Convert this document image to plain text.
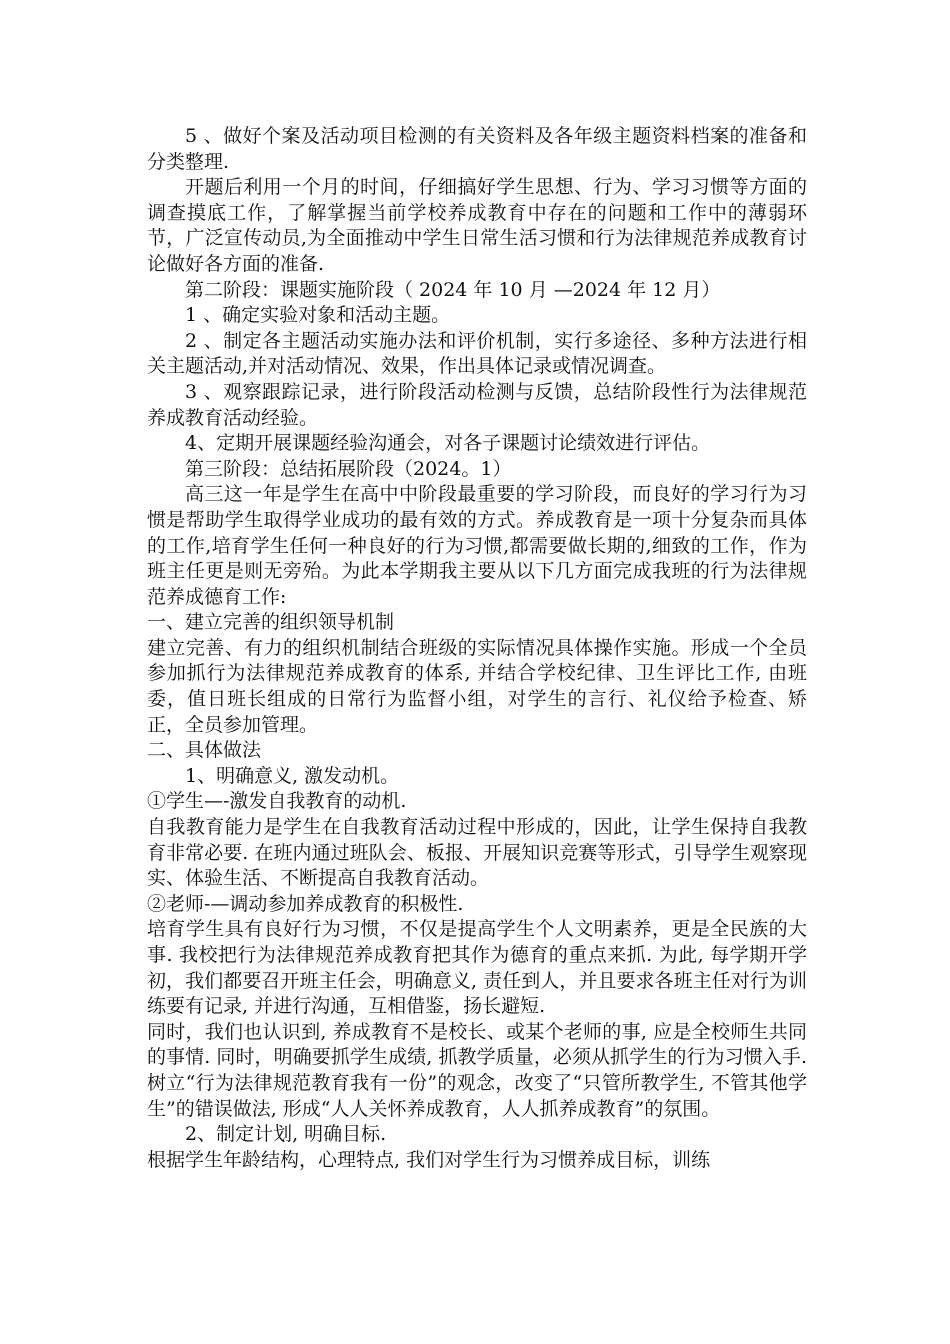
5 、做好个案及活动项目检测的有关资料及各年级主题资料档案的准备和分类整理.

开题后利用一个月的时间，仔细搞好学生思想、行为、学习习惯等方面的调查摸底工作，了解掌握当前学校养成教育中存在的问题和工作中的薄弱环节，广泛宣传动员,为全面推动中学生日常生活习惯和行为法律规范养成教育讨论做好各方面的准备.

第二阶段：课题实施阶段（ 2024 年 10 月 —2024 年 12 月）

1 、确定实验对象和活动主题。

2 、制定各主题活动实施办法和评价机制，实行多途径、多种方法进行相关主题活动,并对活动情况、效果，作出具体记录或情况调查。

3 、观察跟踪记录，进行阶段活动检测与反馈，总结阶段性行为法律规范养成教育活动经验。

4、定期开展课题经验沟通会，对各子课题讨论绩效进行评估。

第三阶段：总结拓展阶段（2024。1）

高三这一年是学生在高中中阶段最重要的学习阶段，而良好的学习行为习惯是帮助学生取得学业成功的最有效的方式。养成教育是一项十分复杂而具体的工作,培育学生任何一种良好的行为习惯,都需要做长期的,细致的工作，作为班主任更是则无旁殆。为此本学期我主要从以下几方面完成我班的行为法律规范养成德育工作:

一、建立完善的组织领导机制

建立完善、有力的组织机制结合班级的实际情况具体操作实施。形成一个全员参加抓行为法律规范养成教育的体系, 并结合学校纪律、卫生评比工作, 由班委，值日班长组成的日常行为监督小组，对学生的言行、礼仪给予检查、矫正，全员参加管理。

二、具体做法

1、明确意义, 激发动机。

①学生—-激发自我教育的动机.

自我教育能力是学生在自我教育活动过程中形成的，因此，让学生保持自我教育非常必要. 在班内通过班队会、板报、开展知识竞赛等形式，引导学生观察现实、体验生活、不断提高自我教育活动。

②老师-—调动参加养成教育的积极性.

培育学生具有良好行为习惯，不仅是提高学生个人文明素养，更是全民族的大事. 我校把行为法律规范养成教育把其作为德育的重点来抓. 为此, 每学期开学初，我们都要召开班主任会，明确意义, 责任到人，并且要求各班主任对行为训练要有记录, 并进行沟通，互相借鉴，扬长避短.

同时，我们也认识到, 养成教育不是校长、或某个老师的事, 应是全校师生共同的事情. 同时，明确要抓学生成绩, 抓教学质量，必须从抓学生的行为习惯入手. 树立“行为法律规范教育我有一份”的观念，改变了“只管所教学生, 不管其他学生”的错误做法, 形成“人人关怀养成教育，人人抓养成教育”的氛围。

2、制定计划, 明确目标.

根据学生年龄结构，心理特点, 我们对学生行为习惯养成目标，训练
